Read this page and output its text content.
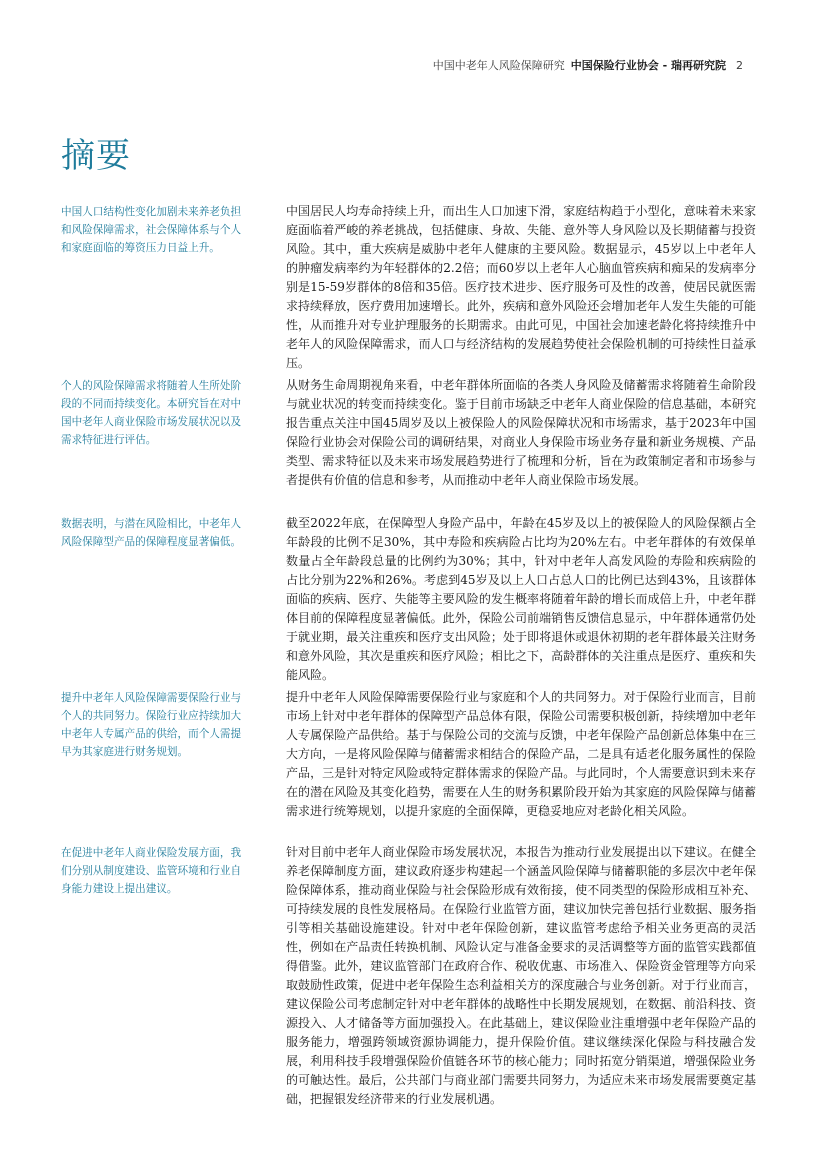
中国中老年人风险保障研究 中国保险行业协会 - 瑞再研究院 2
摘要

中国人口结构性变化加剧未来养老负担和风险保障需求，社会保障体系与个人和家庭面临的筹资压力日益上升。

中国居民人均寿命持续上升，而出生人口加速下滑，家庭结构趋于小型化，意味着未来家庭面临着严峻的养老挑战，包括健康、身故、失能、意外等人身风险以及长期储蓄与投资风险。其中，重大疾病是威胁中老年人健康的主要风险。数据显示，45岁以上中老年人的肿瘤发病率约为年轻群体的2.2倍；而60岁以上老年人心脑血管疾病和痴呆的发病率分别是15-59岁群体的8倍和35倍。医疗技术进步、医疗服务可及性的改善，使居民就医需求持续释放，医疗费用加速增长。此外，疾病和意外风险还会增加老年人发生失能的可能性，从而推升对专业护理服务的长期需求。由此可见，中国社会加速老龄化将持续推升中老年人的风险保障需求，而人口与经济结构的发展趋势使社会保险机制的可持续性日益承压。

个人的风险保障需求将随着人生所处阶段的不同而持续变化。本研究旨在对中国中老年人商业保险市场发展状况以及需求特征进行评估。

从财务生命周期视角来看，中老年群体所面临的各类人身风险及储蓄需求将随着生命阶段与就业状况的转变而持续变化。鉴于目前市场缺乏中老年人商业保险的信息基础，本研究报告重点关注中国45周岁及以上被保险人的风险保障状况和市场需求，基于2023年中国保险行业协会对保险公司的调研结果，对商业人身保险市场业务存量和新业务规模、产品类型、需求特征以及未来市场发展趋势进行了梳理和分析，旨在为政策制定者和市场参与者提供有价值的信息和参考，从而推动中老年人商业保险市场发展。

数据表明，与潜在风险相比，中老年人风险保障型产品的保障程度显著偏低。

截至2022年底，在保障型人身险产品中，年龄在45岁及以上的被保险人的风险保额占全年龄段的比例不足30%，其中寿险和疾病险占比均为20%左右。中老年群体的有效保单数量占全年龄段总量的比例约为30%；其中，针对中老年人高发风险的寿险和疾病险的占比分别为22%和26%。考虑到45岁及以上人口占总人口的比例已达到43%，且该群体面临的疾病、医疗、失能等主要风险的发生概率将随着年龄的增长而成倍上升，中老年群体目前的保障程度显著偏低。此外，保险公司前端销售反馈信息显示，中年群体通常仍处于就业期，最关注重疾和医疗支出风险；处于即将退休或退休初期的老年群体最关注财务和意外风险，其次是重疾和医疗风险；相比之下，高龄群体的关注重点是医疗、重疾和失能风险。

提升中老年人风险保障需要保险行业与个人的共同努力。保险行业应持续加大中老年人专属产品的供给，而个人需提早为其家庭进行财务规划。

提升中老年人风险保障需要保险行业与家庭和个人的共同努力。对于保险行业而言，目前市场上针对中老年群体的保障型产品总体有限，保险公司需要积极创新，持续增加中老年人专属保险产品供给。基于与保险公司的交流与反馈，中老年保险产品创新总体集中在三大方向，一是将风险保障与储蓄需求相结合的保险产品，二是具有适老化服务属性的保险产品，三是针对特定风险或特定群体需求的保险产品。与此同时，个人需要意识到未来存在的潜在风险及其变化趋势，需要在人生的财务积累阶段开始为其家庭的风险保障与储蓄需求进行统筹规划，以提升家庭的全面保障，更稳妥地应对老龄化相关风险。

在促进中老年人商业保险发展方面，我们分别从制度建设、监管环境和行业自身能力建设上提出建议。

针对目前中老年人商业保险市场发展状况，本报告为推动行业发展提出以下建议。在健全养老保障制度方面，建议政府逐步构建起一个涵盖风险保障与储蓄职能的多层次中老年保险保障体系，推动商业保险与社会保险形成有效衔接，使不同类型的保险形成相互补充、可持续发展的良性发展格局。在保险行业监管方面，建议加快完善包括行业数据、服务指引等相关基础设施建设。针对中老年保险创新，建议监管考虑给予相关业务更高的灵活性，例如在产品责任转换机制、风险认定与准备金要求的灵活调整等方面的监管实践都值得借鉴。此外，建议监管部门在政府合作、税收优惠、市场准入、保险资金管理等方向采取鼓励性政策，促进中老年保险生态利益相关方的深度融合与业务创新。对于行业而言，建议保险公司考虑制定针对中老年群体的战略性中长期发展规划，在数据、前沿科技、资源投入、人才储备等方面加强投入。在此基础上，建议保险业注重增强中老年保险产品的服务能力，增强跨领域资源协调能力，提升保险价值。建议继续深化保险与科技融合发展，利用科技手段增强保险价值链各环节的核心能力；同时拓宽分销渠道，增强保险业务的可触达性。最后，公共部门与商业部门需要共同努力，为适应未来市场发展需要奠定基础，把握银发经济带来的行业发展机遇。
